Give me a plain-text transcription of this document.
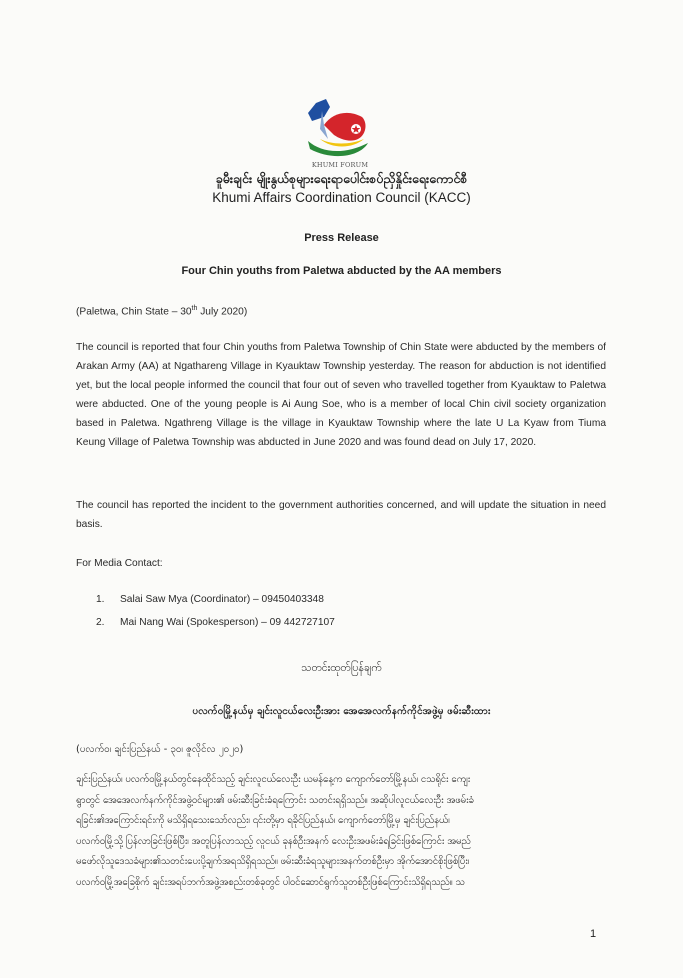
KHUMI FORUM
ခူမီးချင်း မျိုးနွယ်စုများရေးရာပေါင်းစပ်ညှိနှိုင်းရေးကောင်စီ
Khumi Affairs Coordination Council (KACC)
Press Release
Four Chin youths from Paletwa abducted by the AA members
(Paletwa, Chin State – 30th July 2020)
The council is reported that four Chin youths from Paletwa Township of Chin State were abducted by the members of Arakan Army (AA) at Ngathareng Village in Kyauktaw Township yesterday. The reason for abduction is not identified yet, but the local people informed the council that four out of seven who travelled together from Kyauktaw to Paletwa were abducted. One of the young people is Ai Aung Soe, who is a member of local Chin civil society organization based in Paletwa. Ngathreng Village is the village in Kyauktaw Township where the late U La Kyaw from Tiuma Keung Village of Paletwa Township was abducted in June 2020 and was found dead on July 17, 2020.
The council has reported the incident to the government authorities concerned, and will update the situation in need basis.
For Media Contact:
1. Salai Saw Mya (Coordinator) – 09450403348
2. Mai Nang Wai (Spokesperson) – 09 442727107
သတင်းထုတ်ပြန်ချက်
ပလက်ဝမြို့နယ်မှ ချင်းလူငယ်လေးဦးအား အေအေလက်နက်ကိုင်အဖွဲ့မှ ဖမ်းဆီးထား
(ပလက်ဝ၊ ချင်းပြည်နယ် - ၃၀၊ ဇူလိုင်လ ၂၀၂၀)
ချင်းပြည်နယ်၊ ပလက်ဝမြို့နယ်တွင်နေထိုင်သည့် ချင်းလူငယ်လေးဦး ယမန်နေ့က ကျောက်တော်မြို့နယ်၊ ငသရိုင်း ကျေး
ရွာတွင် အေအေလက်နက်ကိုင်အဖွဲ့ဝင်များ၏ ဖမ်းဆီးခြင်းခံရကြောင်း သတင်းရရှိသည်။ အဆိုပါလူငယ်လေးဦး အဖမ်းခံ
ရခြင်း၏အကြောင်းရင်းကို မသိရှိရသေးသော်လည်း၊ ၎င်းတို့မှာ ရခိုင်ပြည်နယ်၊ ကျောက်တော်မြို့မှ ချင်းပြည်နယ်၊
ပလက်ဝမြို့သို့ ပြန်လာခြင်းဖြစ်ပြီး၊ အတူပြန်လာသည့် လူငယ် ခုနစ်ဦးအနက် လေးဦးအဖမ်းခံရခြင်းဖြစ်ကြောင်း အမည်
မဖော်လိုသူဒေသခံများ၏သတင်းပေးပို့ချက်အရသိရှိရသည်။ ဖမ်းဆီးခံရသူများအနက်တစ်ဦးမှာ အိုက်အောင်စိုးဖြစ်ပြီး၊
ပလက်ဝမြို့အခြေစိုက် ချင်းအရပ်ဘက်အဖွဲ့အစည်းတစ်ခုတွင် ပါဝင်ဆောင်ရွက်သူတစ်ဦးဖြစ်ကြောင်းသိရှိရသည်။ သ
1
